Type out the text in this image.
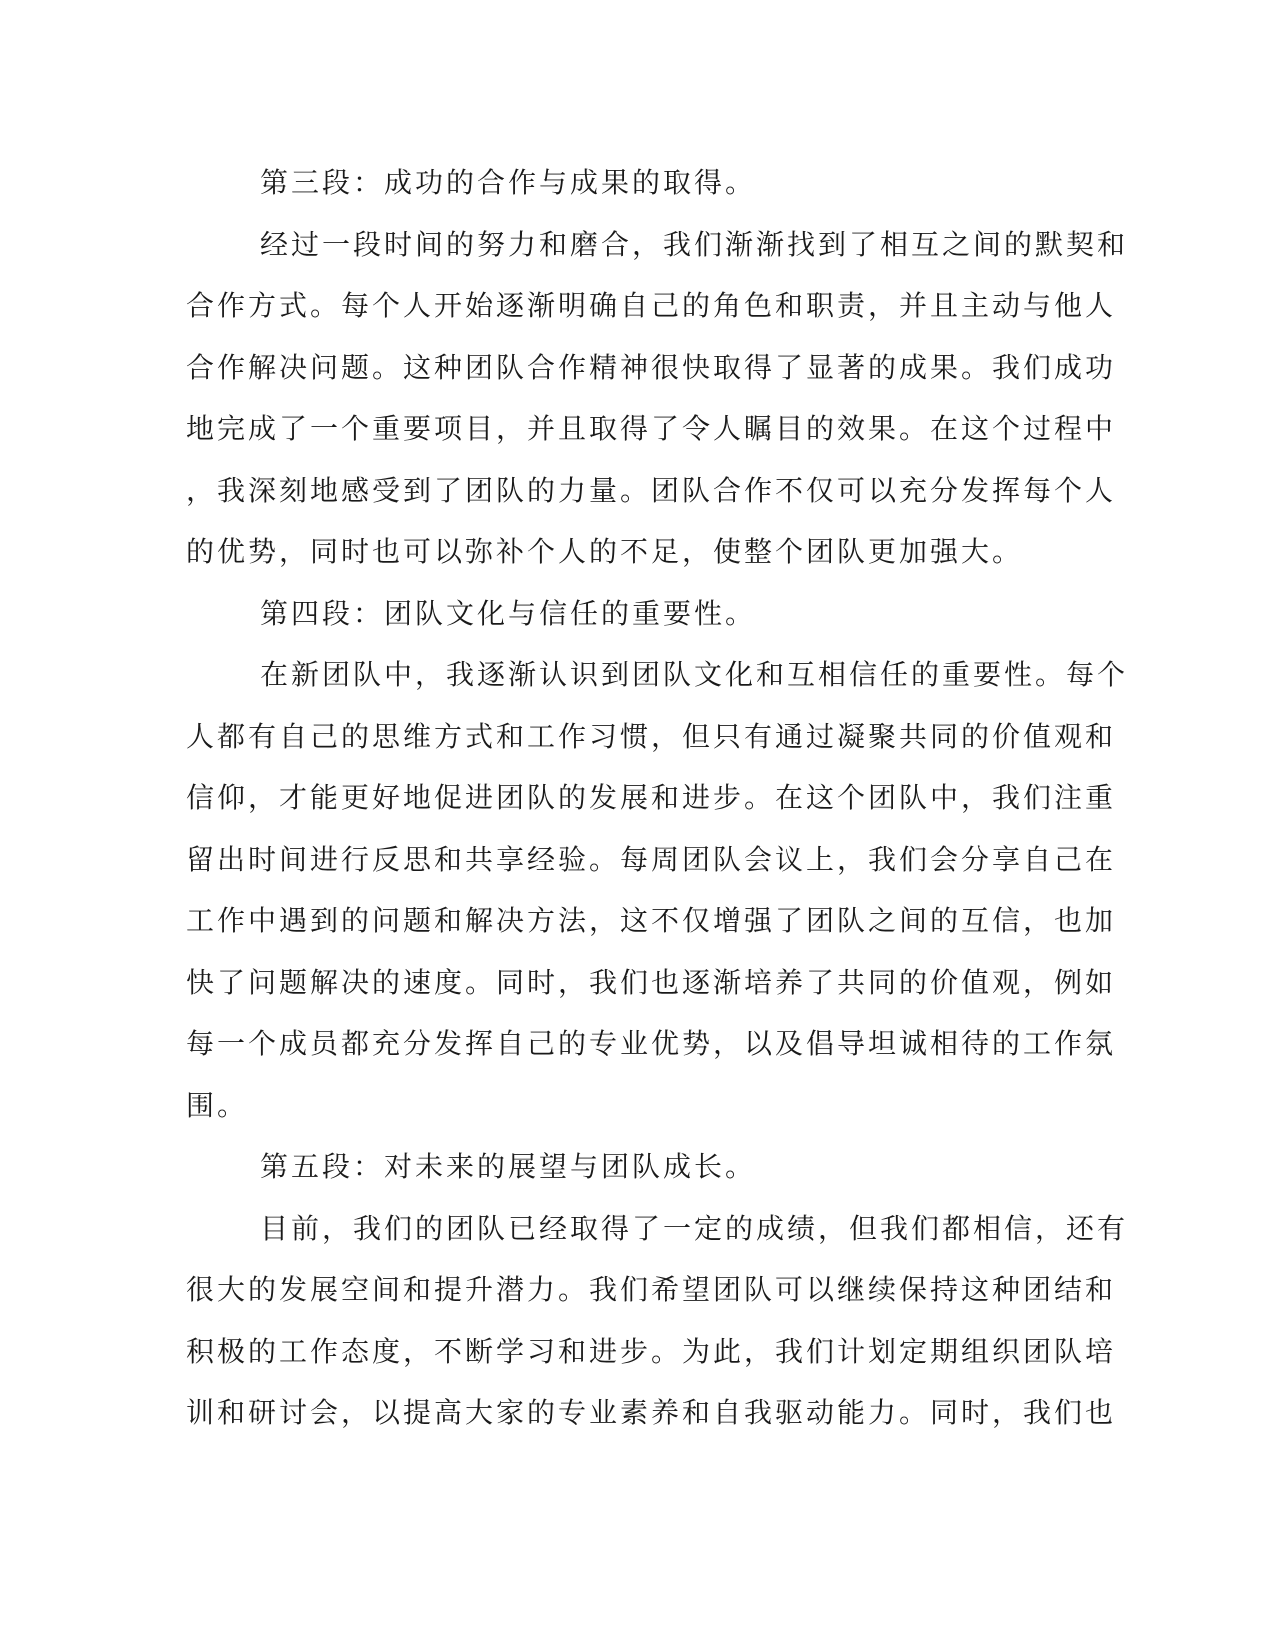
第三段：成功的合作与成果的取得。
经过一段时间的努力和磨合，我们渐渐找到了相互之间的默契和
合作方式。每个人开始逐渐明确自己的角色和职责，并且主动与他人
合作解决问题。这种团队合作精神很快取得了显著的成果。我们成功
地完成了一个重要项目，并且取得了令人瞩目的效果。在这个过程中
，我深刻地感受到了团队的力量。团队合作不仅可以充分发挥每个人
的优势，同时也可以弥补个人的不足，使整个团队更加强大。
第四段：团队文化与信任的重要性。
在新团队中，我逐渐认识到团队文化和互相信任的重要性。每个
人都有自己的思维方式和工作习惯，但只有通过凝聚共同的价值观和
信仰，才能更好地促进团队的发展和进步。在这个团队中，我们注重
留出时间进行反思和共享经验。每周团队会议上，我们会分享自己在
工作中遇到的问题和解决方法，这不仅增强了团队之间的互信，也加
快了问题解决的速度。同时，我们也逐渐培养了共同的价值观，例如
每一个成员都充分发挥自己的专业优势，以及倡导坦诚相待的工作氛
围。
第五段：对未来的展望与团队成长。
目前，我们的团队已经取得了一定的成绩，但我们都相信，还有
很大的发展空间和提升潜力。我们希望团队可以继续保持这种团结和
积极的工作态度，不断学习和进步。为此，我们计划定期组织团队培
训和研讨会，以提高大家的专业素养和自我驱动能力。同时，我们也
